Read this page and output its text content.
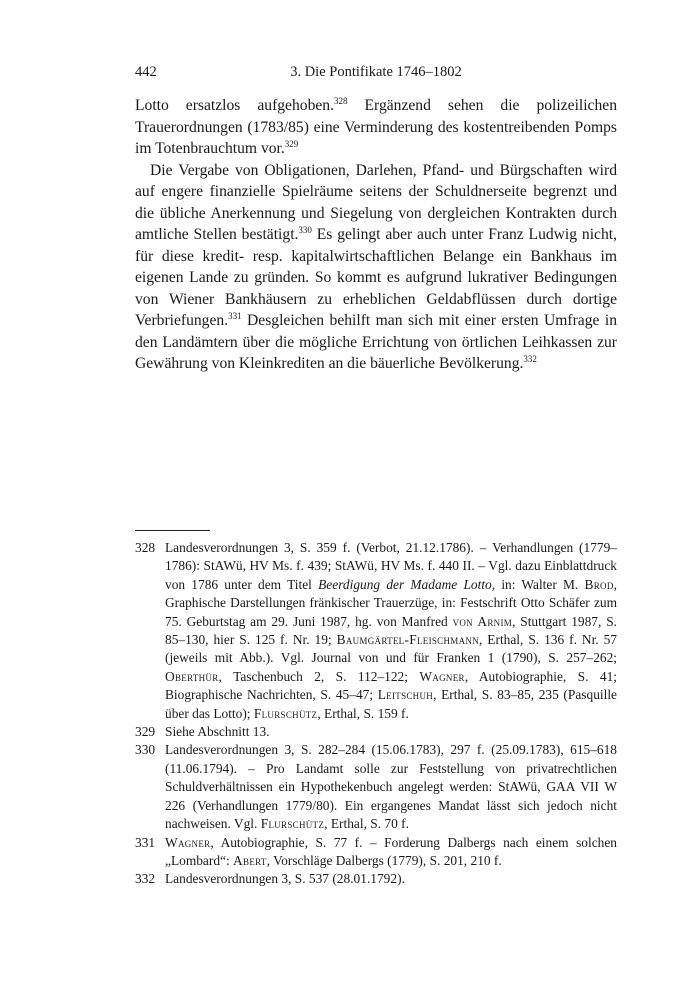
442	3. Die Pontifikate 1746–1802

Lotto ersatzlos aufgehoben.$^{328}$ Ergänzend sehen die polizeilichen Trauerordnungen (1783/85) eine Verminderung des kostentreibenden Pomps im Totenbrauchtum vor.$^{329}$

Die Vergabe von Obligationen, Darlehen, Pfand- und Bürgschaften wird auf engere finanzielle Spielräume seitens der Schuldnerseite begrenzt und die übliche Anerkennung und Siegelung von dergleichen Kontrakten durch amtliche Stellen bestätigt.$^{330}$ Es gelingt aber auch unter Franz Ludwig nicht, für diese kredit- resp. kapitalwirtschaftlichen Belange ein Bankhaus im eigenen Lande zu gründen. So kommt es aufgrund lukrativer Bedingungen von Wiener Bankhäusern zu erheblichen Geldabflüssen durch dortige Verbriefungen.$^{331}$ Desgleichen behilft man sich mit einer ersten Umfrage in den Landämtern über die mögliche Errichtung von örtlichen Leihkassen zur Gewährung von Kleinkrediten an die bäuerliche Bevölkerung.$^{332}$

328 Landesverordnungen 3, S. 359 f. (Verbot, 21.12.1786). – Verhandlungen (1779–1786): StAWü, HV Ms. f. 439; StAWü, HV Ms. f. 440 II. – Vgl. dazu Einblattdruck von 1786 unter dem Titel Beerdigung der Madame Lotto, in: Walter M. Brod, Graphische Darstellungen fränkischer Trauerzüge, in: Festschrift Otto Schäfer zum 75. Geburtstag am 29. Juni 1987, hg. von Manfred von Arnim, Stuttgart 1987, S. 85–130, hier S. 125 f. Nr. 19; Baumgärtel-Fleischmann, Erthal, S. 136 f. Nr. 57 (jeweils mit Abb.). Vgl. Journal von und für Franken 1 (1790), S. 257–262; Oberthür, Taschenbuch 2, S. 112–122; Wagner, Autobiographie, S. 41; Biographische Nachrichten, S. 45–47; Leitschuh, Erthal, S. 83–85, 235 (Pasquille über das Lotto); Flurschütz, Erthal, S. 159 f.
329 Siehe Abschnitt 13.
330 Landesverordnungen 3, S. 282–284 (15.06.1783), 297 f. (25.09.1783), 615–618 (11.06.1794). – Pro Landamt solle zur Feststellung von privatrechtlichen Schuldverhältnissen ein Hypothekenbuch angelegt werden: StAWü, GAA VII W 226 (Verhandlungen 1779/80). Ein ergangenes Mandat lässt sich jedoch nicht nachweisen. Vgl. Flurschütz, Erthal, S. 70 f.
331 Wagner, Autobiographie, S. 77 f. – Forderung Dalbergs nach einem solchen „Lombard“: Abert, Vorschläge Dalbergs (1779), S. 201, 210 f.
332 Landesverordnungen 3, S. 537 (28.01.1792).
